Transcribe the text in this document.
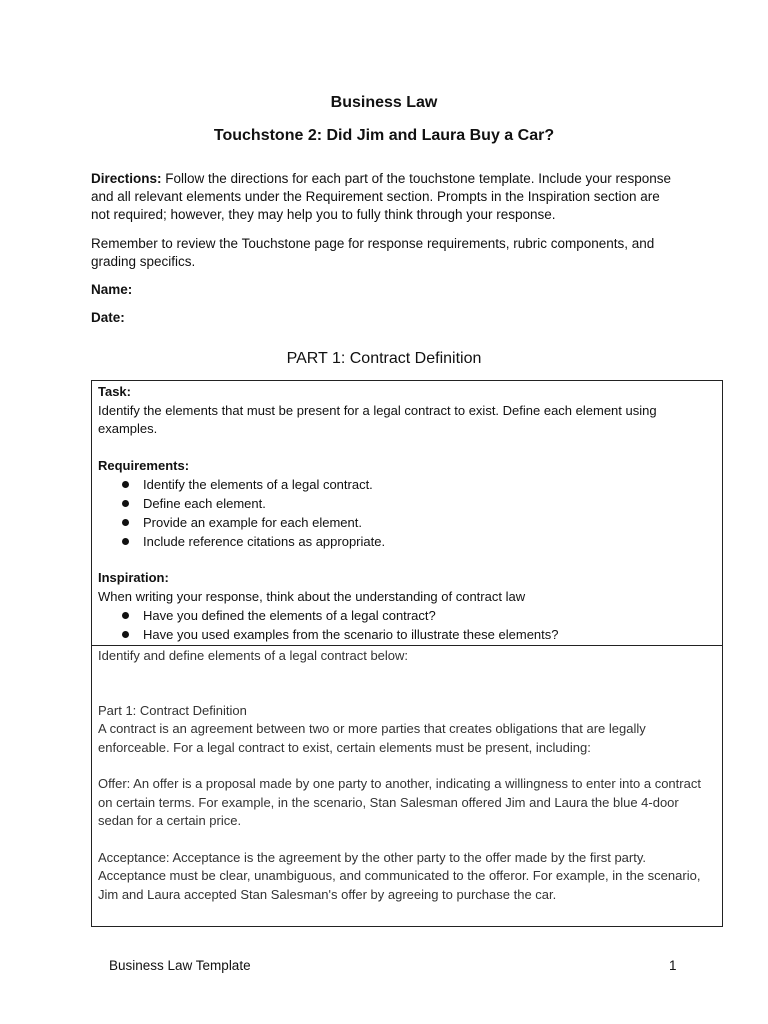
Business Law
Touchstone 2: Did Jim and Laura Buy a Car?
Directions: Follow the directions for each part of the touchstone template. Include your response and all relevant elements under the Requirement section. Prompts in the Inspiration section are not required; however, they may help you to fully think through your response.
Remember to review the Touchstone page for response requirements, rubric components, and grading specifics.
Name:
Date:
PART 1: Contract Definition
Task:
Identify the elements that must be present for a legal contract to exist. Define each element using examples.
Requirements:
Identify the elements of a legal contract.
Define each element.
Provide an example for each element.
Include reference citations as appropriate.
Inspiration:
When writing your response, think about the understanding of contract law
Have you defined the elements of a legal contract?
Have you used examples from the scenario to illustrate these elements?
Identify and define elements of a legal contract below:
Part 1: Contract Definition
A contract is an agreement between two or more parties that creates obligations that are legally enforceable. For a legal contract to exist, certain elements must be present, including:
Offer: An offer is a proposal made by one party to another, indicating a willingness to enter into a contract on certain terms. For example, in the scenario, Stan Salesman offered Jim and Laura the blue 4-door sedan for a certain price.
Acceptance: Acceptance is the agreement by the other party to the offer made by the first party. Acceptance must be clear, unambiguous, and communicated to the offeror. For example, in the scenario, Jim and Laura accepted Stan Salesman's offer by agreeing to purchase the car.
Business Law Template	1
